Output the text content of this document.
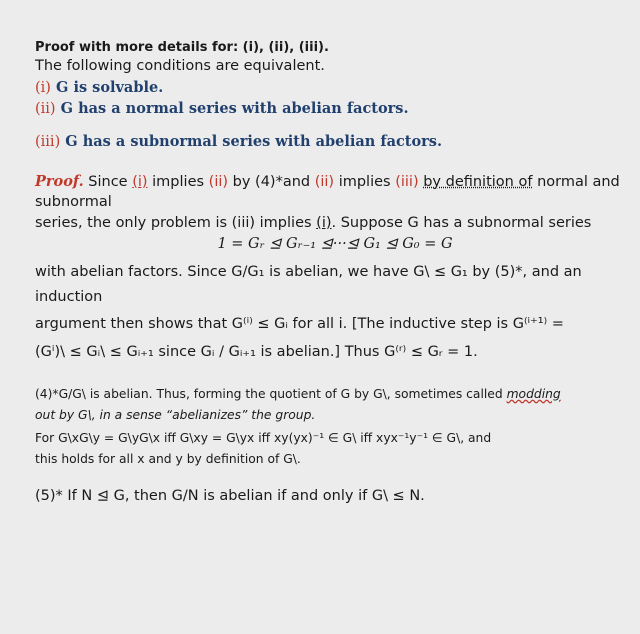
Proof with more details for: (i), (ii), (iii).
The following conditions are equivalent.
(i) G is solvable.
(ii) G has a normal series with abelian factors.
(iii) G has a subnormal series with abelian factors.
Proof. Since (i) implies (ii) by (4)*and (ii) implies (iii) by definition of normal and
subnormal
series, the only problem is (iii) implies (i). Suppose G has a subnormal series
1 = Gᵣ ⊴ Gᵣ₋₁ ⊴···⊴ G₁ ⊴ G₀ = G
with abelian factors. Since G/G₁ is abelian, we have G\ ≤ G₁ by (5)*, and an
induction
argument then shows that G⁽ⁱ⁾ ≤ Gᵢ for all i. [The inductive step is G⁽ⁱ⁺¹⁾ =
(Gⁱ)\ ≤ Gᵢ\ ≤ Gᵢ₊₁ since Gᵢ / Gᵢ₊₁ is abelian.] Thus G⁽ʳ⁾ ≤ Gᵣ = 1.
(4)*G/G\ is abelian. Thus, forming the quotient of G by G\, sometimes called modding
out by G\, in a sense “abelianizes” the group.
For G\xG\y = G\yG\x iff G\xy = G\yx iff xy(yx)⁻¹ ∈ G\ iff xyx⁻¹y⁻¹ ∈ G\, and
this holds for all x and y by definition of G\.
(5)* If N ⊴ G, then G/N is abelian if and only if G\ ≤ N.
